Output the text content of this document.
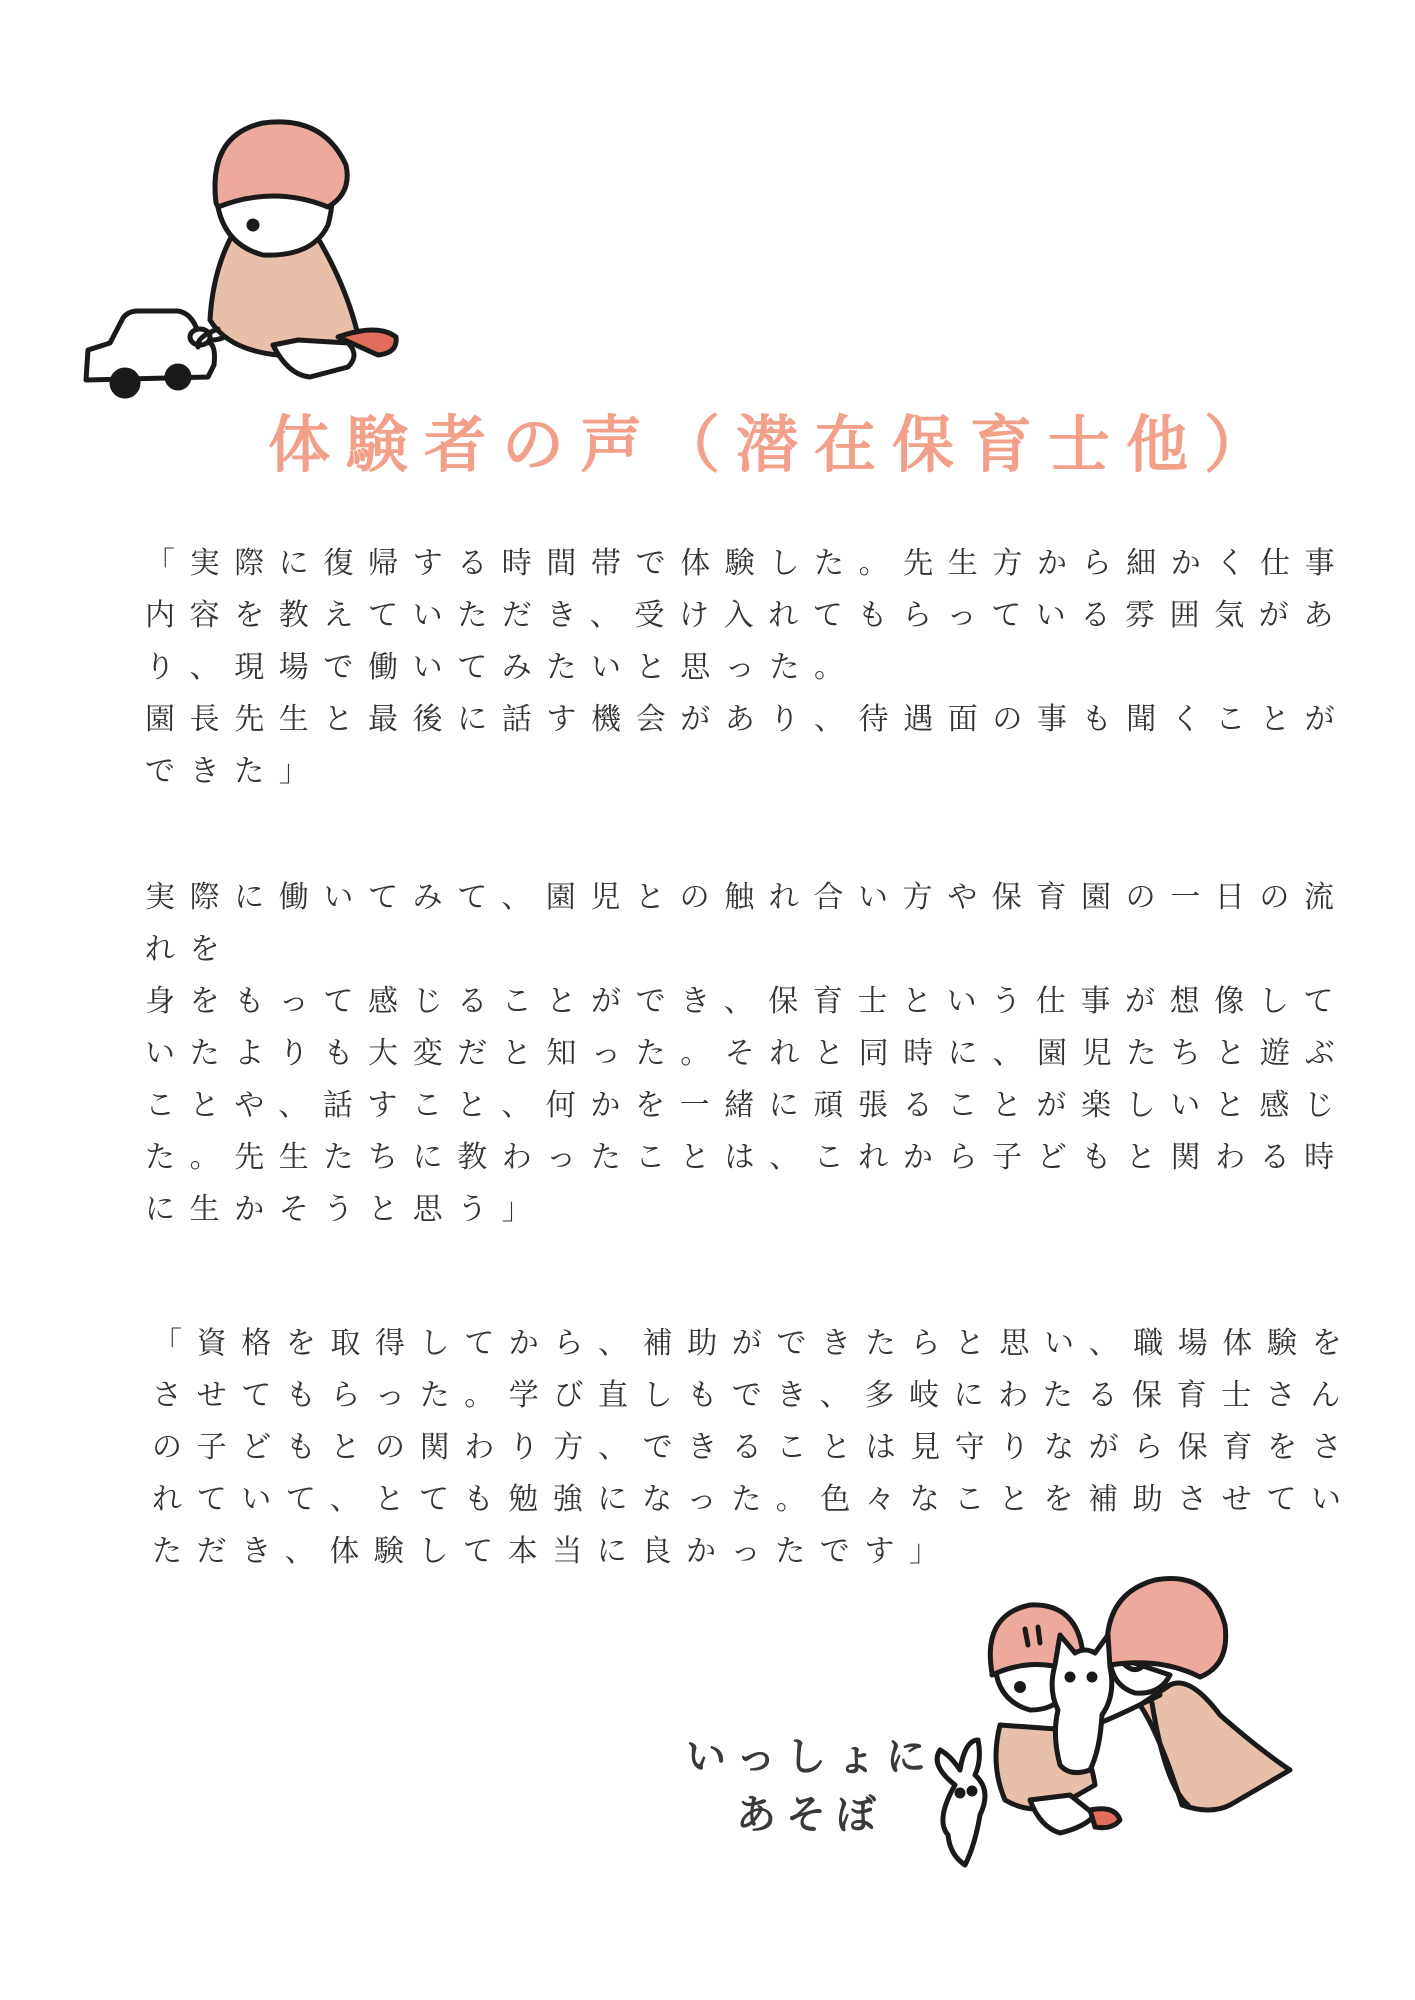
体験者の声（潜在保育士他）
「実際に復帰する時間帯で体験した。先生方から細かく仕事
内容を教えていただき、受け入れてもらっている雰囲気があ
り、現場で働いてみたいと思った。
園長先生と最後に話す機会があり、待遇面の事も聞くことが
できた」
実際に働いてみて、園児との触れ合い方や保育園の一日の流
れを
身をもって感じることができ、保育士という仕事が想像して
いたよりも大変だと知った。それと同時に、園児たちと遊ぶ
ことや、話すこと、何かを一緒に頑張ることが楽しいと感じ
た。先生たちに教わったことは、これから子どもと関わる時
に生かそうと思う」
「資格を取得してから、補助ができたらと思い、職場体験を
させてもらった。学び直しもでき、多岐にわたる保育士さん
の子どもとの関わり方、できることは見守りながら保育をさ
れていて、とても勉強になった。色々なことを補助させてい
ただき、体験して本当に良かったです」
いっしょに
あそぼ
